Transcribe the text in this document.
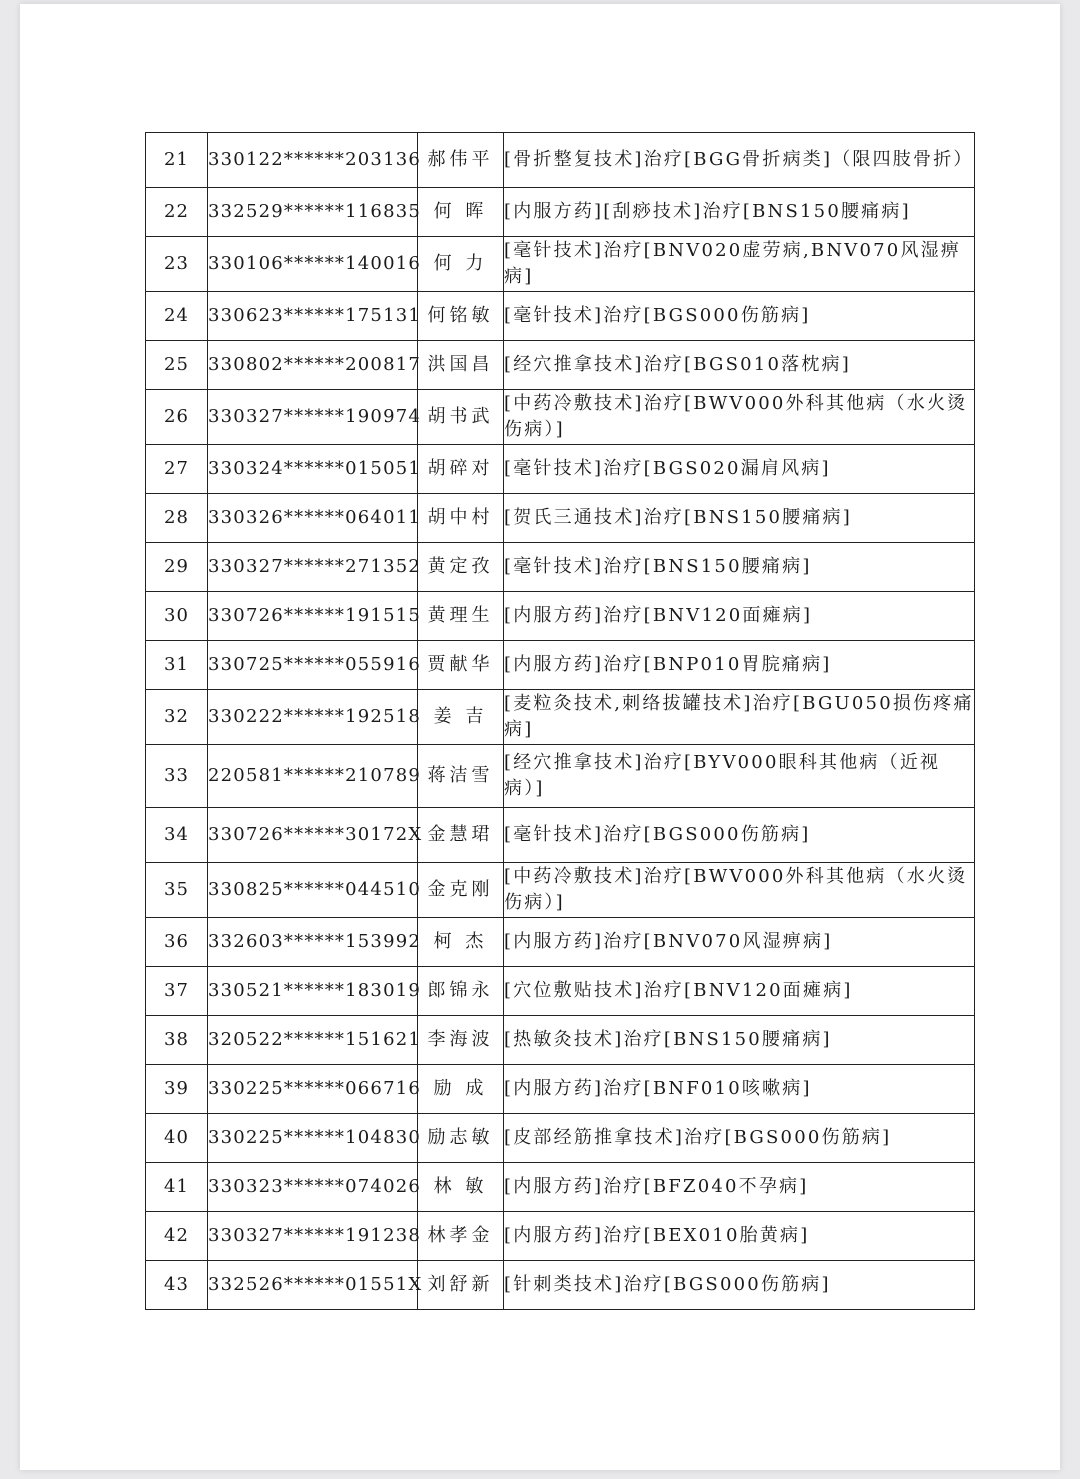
21	330122******203136	郝伟平	[骨折整复技术]治疗[BGG骨折病类]（限四肢骨折）
22	332529******116835	何 晖	[内服方药][刮痧技术]治疗[BNS150腰痛病]
23	330106******140016	何 力	[毫针技术]治疗[BNV020虚劳病,BNV070风湿痹病]
24	330623******175131	何铭敏	[毫针技术]治疗[BGS000伤筋病]
25	330802******200817	洪国昌	[经穴推拿技术]治疗[BGS010落枕病]
26	330327******190974	胡书武	[中药冷敷技术]治疗[BWV000外科其他病（水火烫伤病）]
27	330324******015051	胡碎对	[毫针技术]治疗[BGS020漏肩风病]
28	330326******064011	胡中村	[贺氏三通技术]治疗[BNS150腰痛病]
29	330327******271352	黄定孜	[毫针技术]治疗[BNS150腰痛病]
30	330726******191515	黄理生	[内服方药]治疗[BNV120面瘫病]
31	330725******055916	贾献华	[内服方药]治疗[BNP010胃脘痛病]
32	330222******192518	姜 吉	[麦粒灸技术,刺络拔罐技术]治疗[BGU050损伤疼痛病]
33	220581******210789	蒋洁雪	[经穴推拿技术]治疗[BYV000眼科其他病（近视病）]
34	330726******30172X	金慧珺	[毫针技术]治疗[BGS000伤筋病]
35	330825******044510	金克刚	[中药冷敷技术]治疗[BWV000外科其他病（水火烫伤病）]
36	332603******153992	柯 杰	[内服方药]治疗[BNV070风湿痹病]
37	330521******183019	郎锦永	[穴位敷贴技术]治疗[BNV120面瘫病]
38	320522******151621	李海波	[热敏灸技术]治疗[BNS150腰痛病]
39	330225******066716	励 成	[内服方药]治疗[BNF010咳嗽病]
40	330225******104830	励志敏	[皮部经筋推拿技术]治疗[BGS000伤筋病]
41	330323******074026	林 敏	[内服方药]治疗[BFZ040不孕病]
42	330327******191238	林孝金	[内服方药]治疗[BEX010胎黄病]
43	332526******01551X	刘舒新	[针刺类技术]治疗[BGS000伤筋病]
